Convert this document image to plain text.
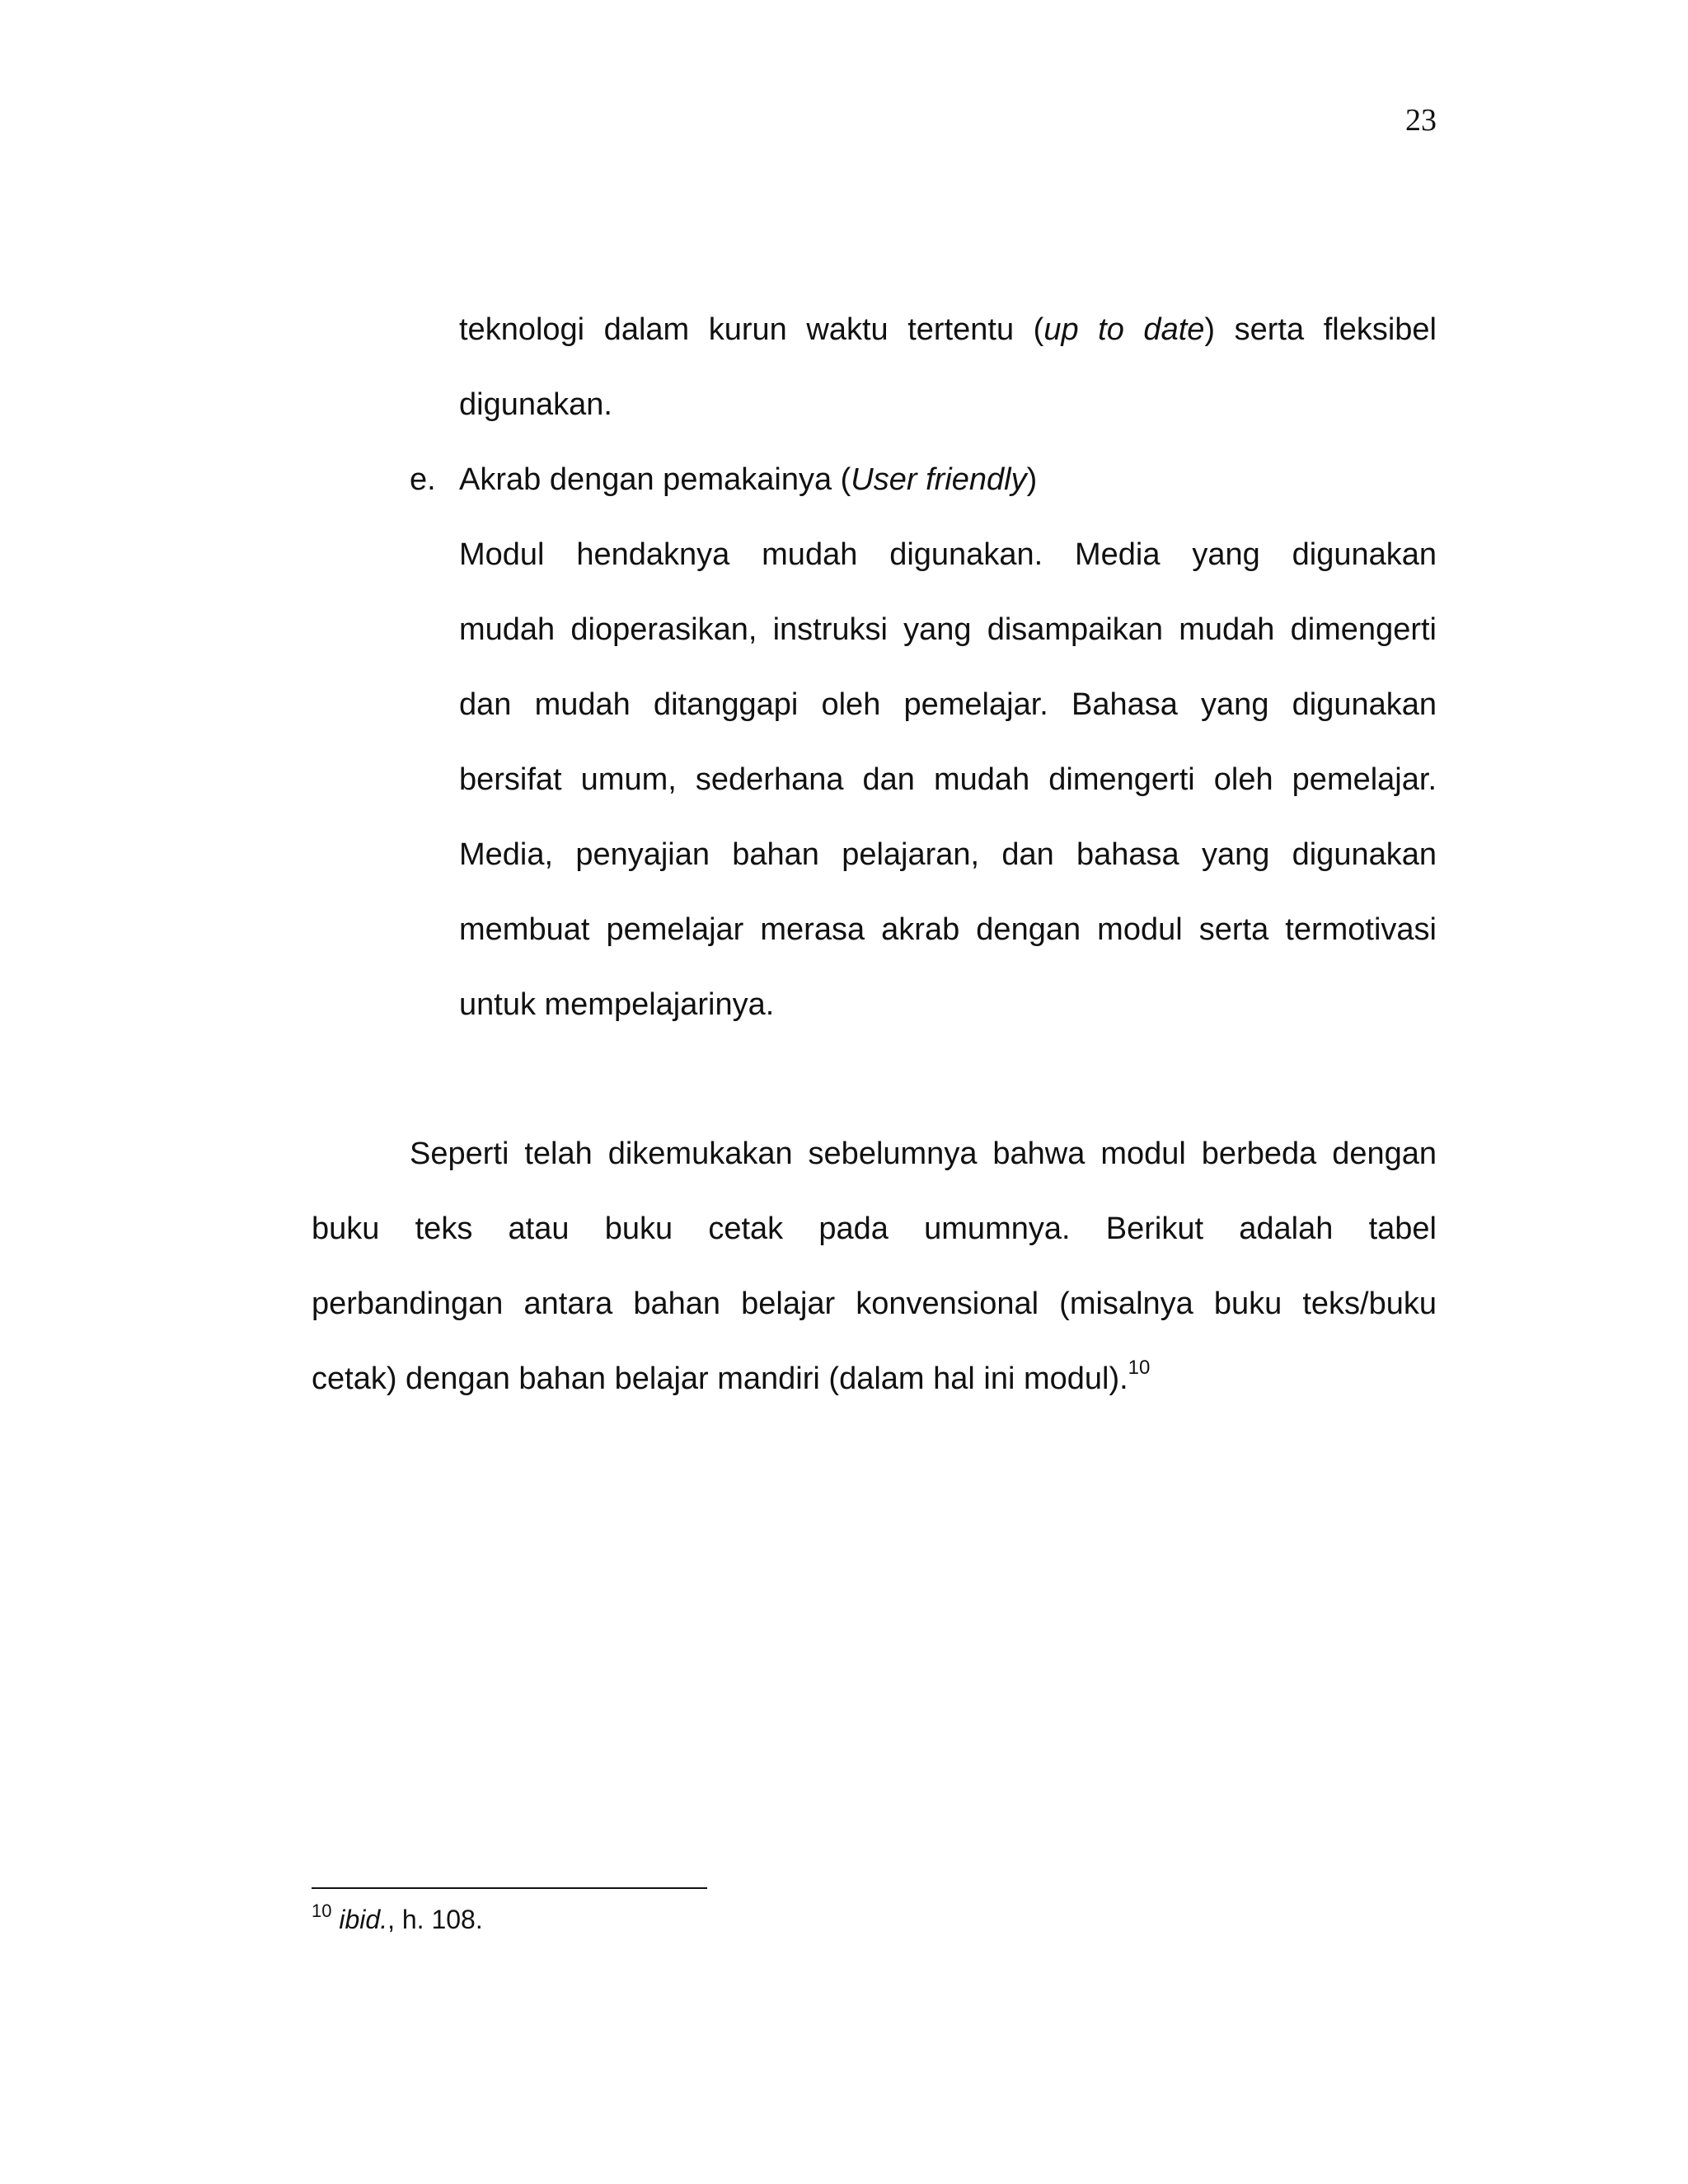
23
teknologi dalam kurun waktu tertentu (up to date) serta fleksibel
digunakan.
e. Akrab dengan pemakainya (User friendly)
Modul hendaknya mudah digunakan. Media yang digunakan
mudah dioperasikan, instruksi yang disampaikan mudah dimengerti
dan mudah ditanggapi oleh pemelajar. Bahasa yang digunakan
bersifat umum, sederhana dan mudah dimengerti oleh pemelajar.
Media, penyajian bahan pelajaran, dan bahasa yang digunakan
membuat pemelajar merasa akrab dengan modul serta termotivasi
untuk mempelajarinya.
Seperti telah dikemukakan sebelumnya bahwa modul berbeda dengan
buku teks atau buku cetak pada umumnya. Berikut adalah tabel
perbandingan antara bahan belajar konvensional (misalnya buku teks/buku
cetak) dengan bahan belajar mandiri (dalam hal ini modul).$^{10}$
$^{10}$ ibid., h. 108.
